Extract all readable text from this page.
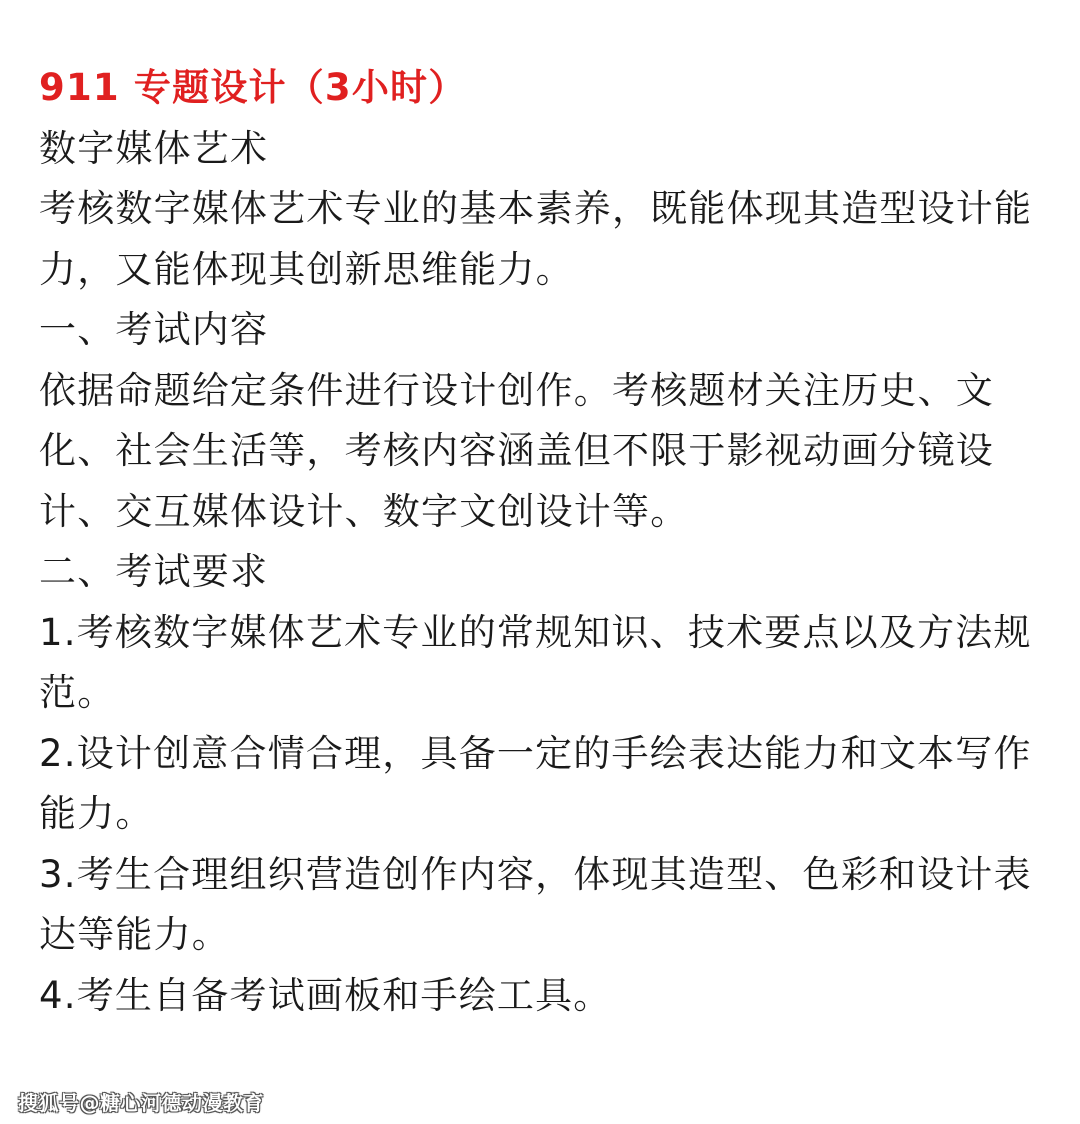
911 专题设计（3小时）

数字媒体艺术

考核数字媒体艺术专业的基本素养，既能体现其造型设计能力，又能体现其创新思维能力。

一、考试内容

依据命题给定条件进行设计创作。考核题材关注历史、文化、社会生活等，考核内容涵盖但不限于影视动画分镜设计、交互媒体设计、数字文创设计等。

二、考试要求

1.考核数字媒体艺术专业的常规知识、技术要点以及方法规范。

2.设计创意合情合理，具备一定的手绘表达能力和文本写作能力。

3.考生合理组织营造创作内容，体现其造型、色彩和设计表达等能力。

4.考生自备考试画板和手绘工具。

搜狐号@糖心河德动漫教育
